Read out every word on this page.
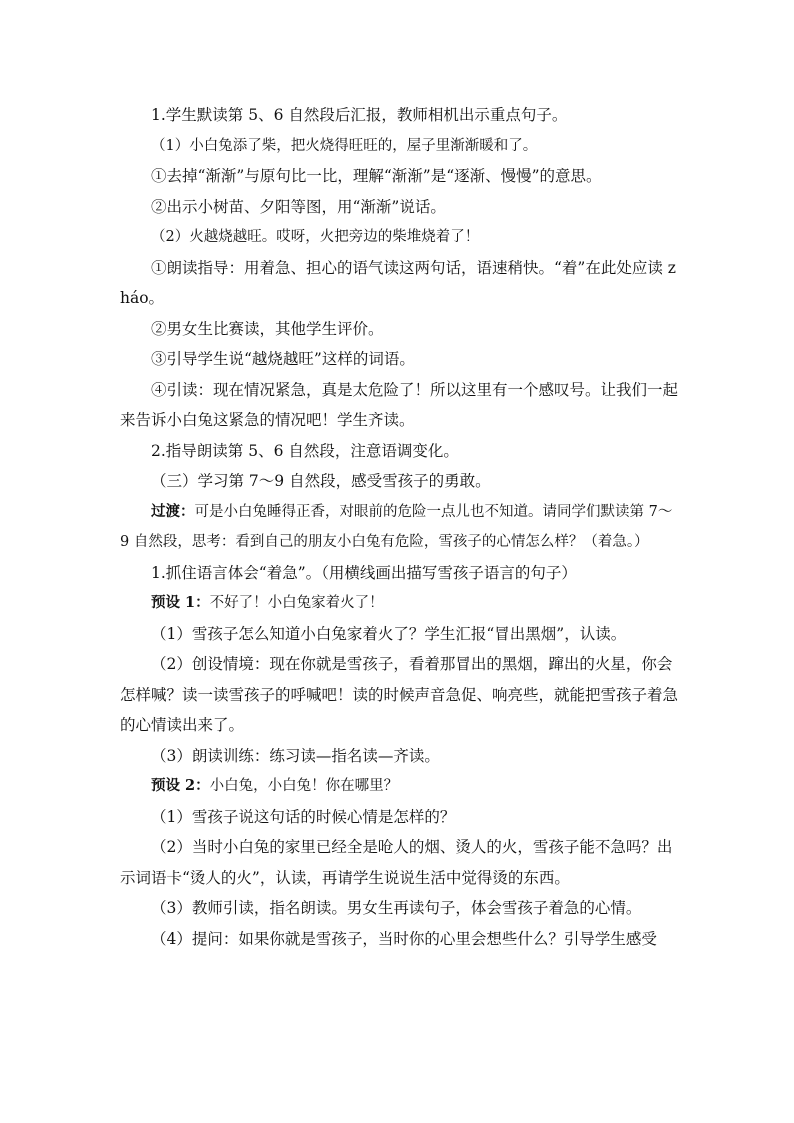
1.学生默读第 5、6 自然段后汇报，教师相机出示重点句子。

（1）小白兔添了柴，把火烧得旺旺的，屋子里渐渐暖和了。

①去掉“渐渐”与原句比一比，理解“渐渐”是“逐渐、慢慢”的意思。

②出示小树苗、夕阳等图，用“渐渐”说话。

（2）火越烧越旺。哎呀，火把旁边的柴堆烧着了！

①朗读指导：用着急、担心的语气读这两句话，语速稍快。“着”在此处应读 zháo。

②男女生比赛读，其他学生评价。

③引导学生说“越烧越旺”这样的词语。

④引读：现在情况紧急，真是太危险了！所以这里有一个感叹号。让我们一起来告诉小白兔这紧急的情况吧！学生齐读。

2.指导朗读第 5、6 自然段，注意语调变化。

（三）学习第 7～9 自然段，感受雪孩子的勇敢。

过渡：可是小白兔睡得正香，对眼前的危险一点儿也不知道。请同学们默读第 7～9 自然段，思考：看到自己的朋友小白兔有危险，雪孩子的心情怎么样？（着急。）

1.抓住语言体会“着急”。（用横线画出描写雪孩子语言的句子）

预设 1：不好了！小白兔家着火了！

（1）雪孩子怎么知道小白兔家着火了？学生汇报“冒出黑烟”，认读。

（2）创设情境：现在你就是雪孩子，看着那冒出的黑烟，蹿出的火星，你会怎样喊？读一读雪孩子的呼喊吧！读的时候声音急促、响亮些，就能把雪孩子着急的心情读出来了。

（3）朗读训练：练习读—指名读—齐读。

预设 2：小白兔，小白兔！你在哪里？

（1）雪孩子说这句话的时候心情是怎样的？

（2）当时小白兔的家里已经全是呛人的烟、烫人的火，雪孩子能不急吗？出示词语卡“烫人的火”，认读，再请学生说说生活中觉得烫的东西。

（3）教师引读，指名朗读。男女生再读句子，体会雪孩子着急的心情。

（4）提问：如果你就是雪孩子，当时你的心里会想些什么？引导学生感受
